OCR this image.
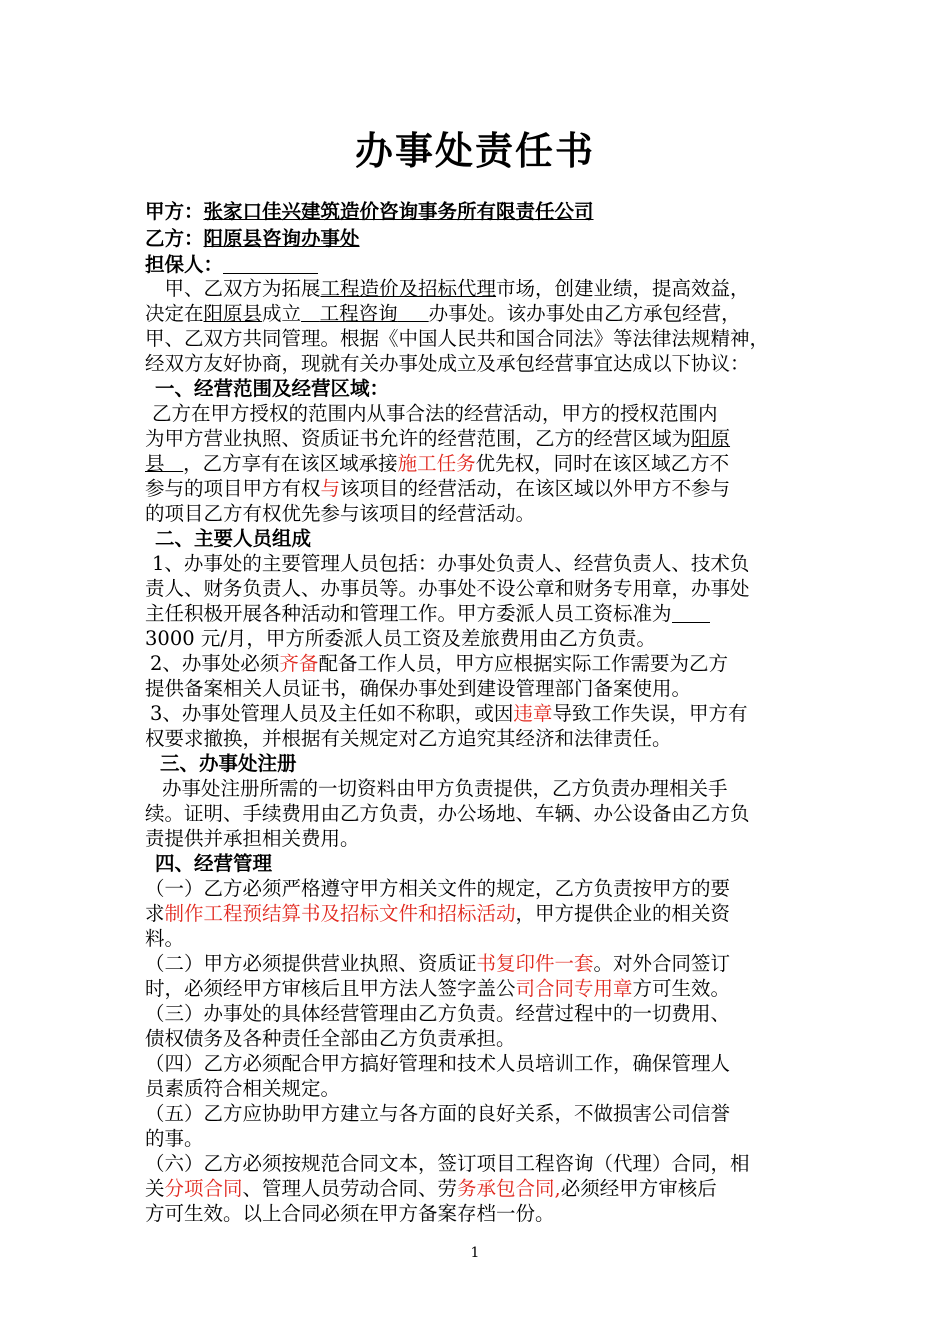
办事处责任书
甲方：张家口佳兴建筑造价咨询事务所有限责任公司
乙方：阳原县咨询办事处
担保人：
　甲、乙双方为拓展工程造价及招标代理市场，创建业绩，提高效益，
决定在阳原县成立 工程咨询 办事处。该办事处由乙方承包经营，
甲、乙双方共同管理。根据《中国人民共和国合同法》等法律法规精神，
经双方友好协商，现就有关办事处成立及承包经营事宜达成以下协议：
一、经营范围及经营区域：
乙方在甲方授权的范围内从事合法的经营活动，甲方的授权范围内
为甲方营业执照、资质证书允许的经营范围，乙方的经营区域为阳原
县 ，乙方享有在该区域承接施工任务优先权，同时在该区域乙方不
参与的项目甲方有权与该项目的经营活动，在该区域以外甲方不参与
的项目乙方有权优先参与该项目的经营活动。
二、主要人员组成
1、办事处的主要管理人员包括：办事处负责人、经营负责人、技术负
责人、财务负责人、办事员等。办事处不设公章和财务专用章，办事处
主任积极开展各种活动和管理工作。甲方委派人员工资标准为
3000 元/月，甲方所委派人员工资及差旅费用由乙方负责。
2、办事处必须齐备配备工作人员，甲方应根据实际工作需要为乙方
提供备案相关人员证书，确保办事处到建设管理部门备案使用。
3、办事处管理人员及主任如不称职，或因违章导致工作失误，甲方有
权要求撤换，并根据有关规定对乙方追究其经济和法律责任。
三、办事处注册
办事处注册所需的一切资料由甲方负责提供，乙方负责办理相关手
续。证明、手续费用由乙方负责，办公场地、车辆、办公设备由乙方负
责提供并承担相关费用。
四、经营管理
（一）乙方必须严格遵守甲方相关文件的规定，乙方负责按甲方的要
求制作工程预结算书及招标文件和招标活动，甲方提供企业的相关资
料。
（二）甲方必须提供营业执照、资质证书复印件一套。对外合同签订
时，必须经甲方审核后且甲方法人签字盖公司合同专用章方可生效。
（三）办事处的具体经营管理由乙方负责。经营过程中的一切费用、
债权债务及各种责任全部由乙方负责承担。
（四）乙方必须配合甲方搞好管理和技术人员培训工作，确保管理人
员素质符合相关规定。
（五）乙方应协助甲方建立与各方面的良好关系，不做损害公司信誉
的事。
（六）乙方必须按规范合同文本，签订项目工程咨询（代理）合同，相
关分项合同、管理人员劳动合同、劳务承包合同,必须经甲方审核后
方可生效。以上合同必须在甲方备案存档一份。
1
